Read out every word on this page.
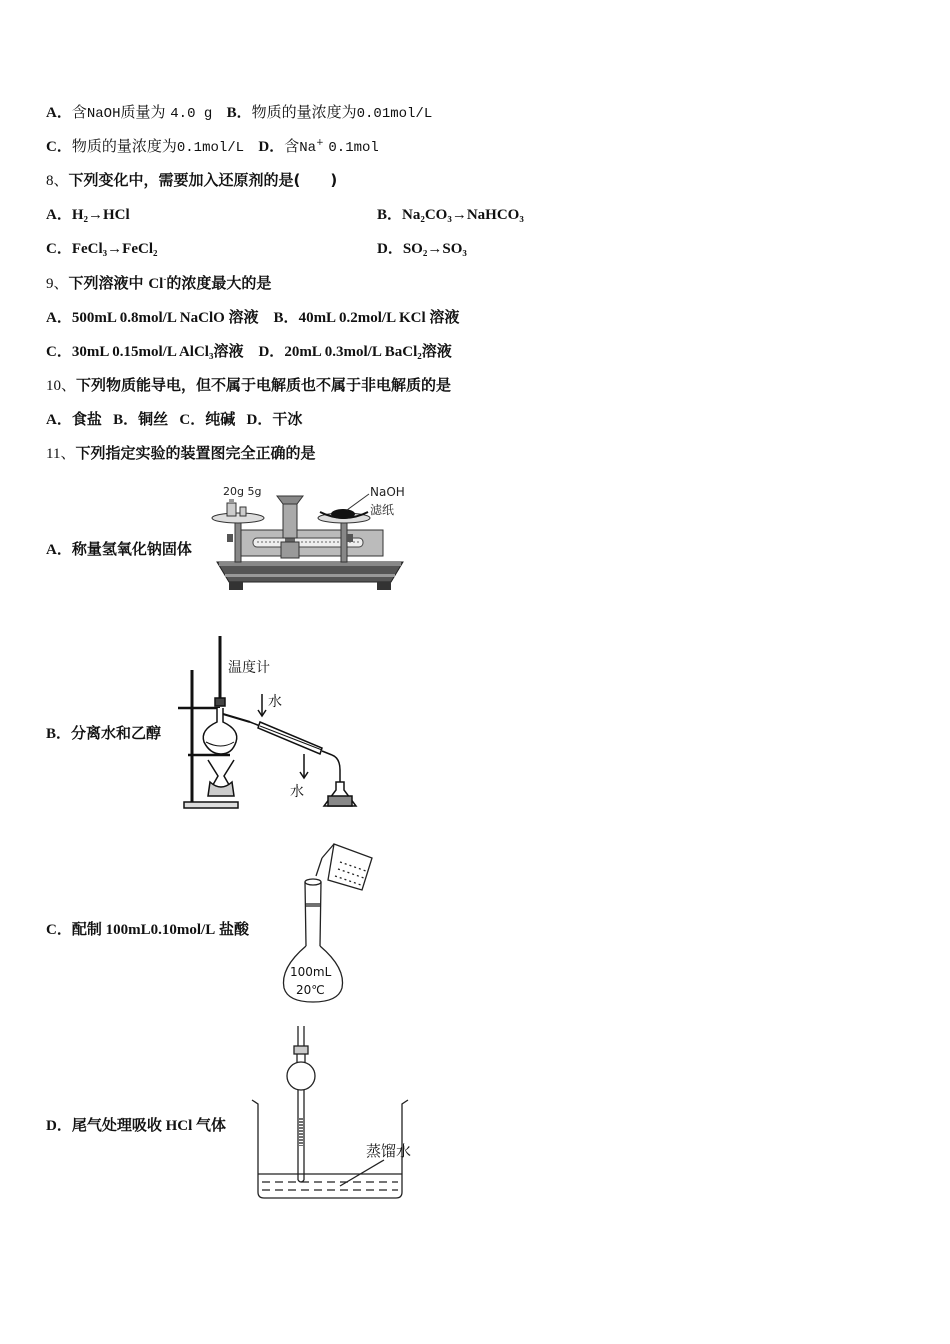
A．含NaOH质量为 4.0 g B．物质的量浓度为0.01mol/L
C．物质的量浓度为0.1mol/L D．含Na+ 0.1mol
8、下列变化中，需要加入还原剂的是(　　)
A．H₂→HCl	B．Na₂CO₃→NaHCO₃
C．FeCl₃→FeCl₂	D．SO₂→SO₃
9、下列溶液中 Cl-的浓度最大的是
A．500mL 0.8mol/L NaClO 溶液 B．40mL 0.2mol/L KCl 溶液
C．30mL 0.15mol/L AlCl₃溶液 D．20mL 0.3mol/L BaCl₂溶液
10、下列物质能导电，但不属于电解质也不属于非电解质的是
A．食盐 B．铜丝 C．纯碱 D．干冰
11、下列指定实验的装置图完全正确的是
A．称量氢氧化钠固体
20g 5g	NaOH
滤纸
B．分离水和乙醇
温度计
水
水
C．配制 100mL0.10mol/L 盐酸
100mL
20℃
D．尾气处理吸收 HCl 气体
蒸馏水
